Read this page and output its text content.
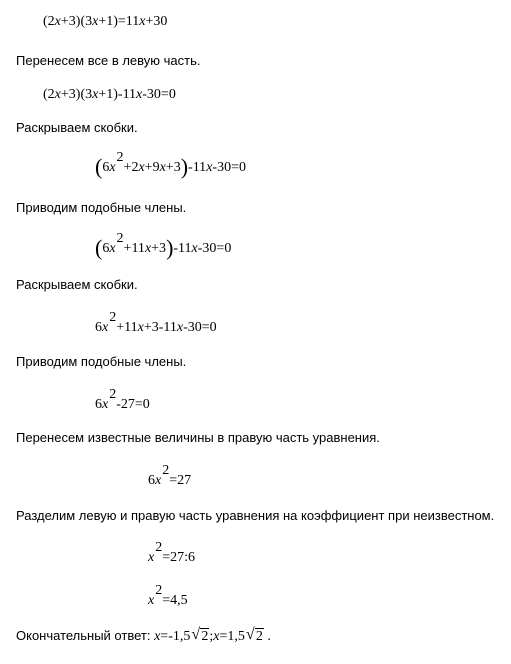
(2x+3)(3x+1)=11x+30
Перенесем все в левую часть.
(2x+3)(3x+1)-11x-30=0
Раскрываем скобки.
(6x2+2x+9x+3)-11x-30=0
Приводим подобные члены.
(6x2+11x+3)-11x-30=0
Раскрываем скобки.
6x2+11x+3-11x-30=0
Приводим подобные члены.
6x2-27=0
Перенесем известные величины в правую часть уравнения.
6x2=27
Разделим левую и правую часть уравнения на коэффициент при неизвестном.
x2=27:6
x2=4,5
Окончательный ответ: x=-1,5 √ 2;x=1,5 √ 2 .
